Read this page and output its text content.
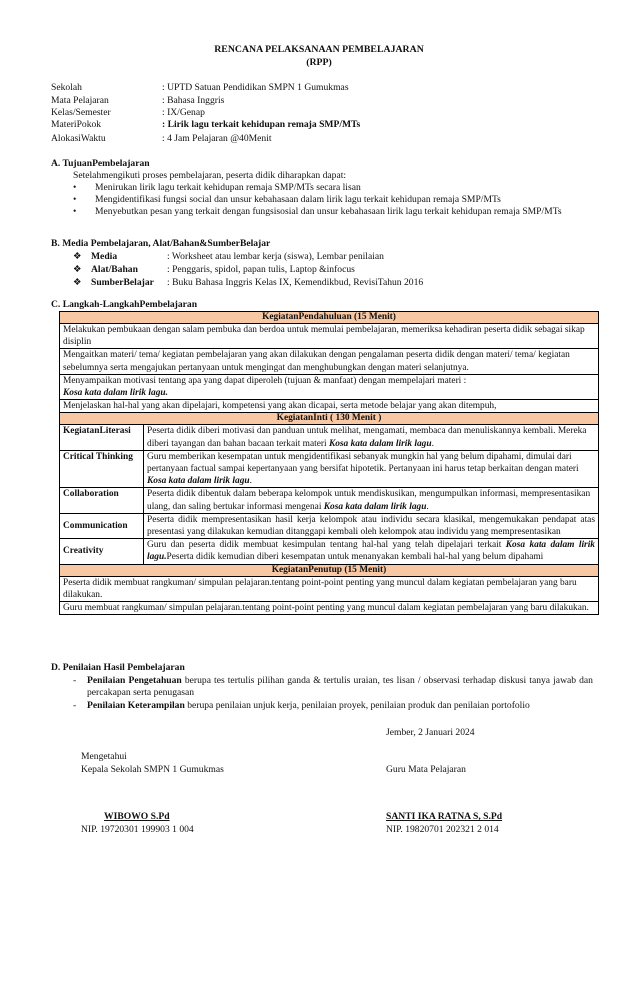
RENCANA PELAKSANAAN PEMBELAJARAN
(RPP)
Sekolah	: UPTD Satuan Pendidikan SMPN 1 Gumukmas
Mata Pelajaran	: Bahasa Inggris
Kelas/Semester	: IX/Genap
MateriPokok	: Lirik lagu terkait kehidupan remaja SMP/MTs
AlokasiWaktu	: 4 Jam Pelajaran @40Menit
A. TujuanPembelajaran
Setelahmengikuti proses pembelajaran, peserta didik diharapkan dapat:
• Menirukan lirik lagu terkait kehidupan remaja SMP/MTs secara lisan
• Mengidentifikasi fungsi social dan unsur kebahasaan dalam lirik lagu terkait kehidupan remaja SMP/MTs
• Menyebutkan pesan yang terkait dengan fungsisosial dan unsur kebahasaan lirik lagu terkait kehidupan remaja SMP/MTs
B. Media Pembelajaran, Alat/Bahan&SumberBelajar
❖ Media	: Worksheet atau lembar kerja (siswa), Lembar penilaian
❖ Alat/Bahan	: Penggaris, spidol, papan tulis, Laptop &infocus
❖ SumberBelajar : Buku Bahasa Inggris Kelas IX, Kemendikbud, RevisiTahun 2016
C. Langkah-LangkahPembelajaran
KegiatanPendahuluan (15 Menit)	
Melakukan pembukaan dengan salam pembuka dan berdoa untuk memulai pembelajaran, memeriksa kehadiran peserta didik sebagai sikap disiplin	
Mengaitkan materi/ tema/ kegiatan pembelajaran yang akan dilakukan dengan pengalaman peserta didik dengan materi/ tema/ kegiatan sebelumnya serta mengajukan pertanyaan untuk mengingat dan menghubungkan dengan materi selanjutnya.	

Menyampaikan motivasi tentang apa yang dapat diperoleh (tujuan & manfaat) dengan mempelajari materi :
Kosa kata dalam lirik lagu.	

Menjelaskan hal-hal yang akan dipelajari, kompetensi yang akan dicapai, serta metode belajar yang akan ditempuh,	
KegiatanInti ( 130 Menit )	
KegiatanLiterasi	Peserta didik diberi motivasi dan panduan untuk melihat, mengamati, membaca dan menuliskannya kembali. Mereka diberi tayangan dan bahan bacaan terkait materi Kosa kata dalam lirik lagu.
Critical Thinking	Guru memberikan kesempatan untuk mengidentifikasi sebanyak mungkin hal yang belum dipahami, dimulai dari pertanyaan factual sampai kepertanyaan yang bersifat hipotetik. Pertanyaan ini harus tetap berkaitan dengan materi Kosa kata dalam lirik lagu.
Collaboration	Peserta didik dibentuk dalam beberapa kelompok untuk mendiskusikan, mengumpulkan informasi, mempresentasikan ulang, dan saling bertukar informasi mengenai Kosa kata dalam lirik lagu.
Communication	Peserta didik mempresentasikan hasil kerja kelompok atau individu secara klasikal, mengemukakan pendapat atas presentasi yang dilakukan kemudian ditanggapi kembali oleh kelompok atau individu yang mempresentasikan
Creativity	Guru dan peserta didik membuat kesimpulan tentang hal-hal yang telah dipelajari terkait Kosa kata dalam lirik lagu.Peserta didik kemudian diberi kesempatan untuk menanyakan kembali hal-hal yang belum dipahami
KegiatanPenutup (15 Menit)	
Peserta didik membuat rangkuman/ simpulan pelajaran.tentang point-point penting yang muncul dalam kegiatan pembelajaran yang baru dilakukan.	
Guru membuat rangkuman/ simpulan pelajaran.tentang point-point penting yang muncul dalam kegiatan pembelajaran yang baru dilakukan.	
D. Penilaian Hasil Pembelajaran
- Penilaian Pengetahuan berupa tes tertulis pilihan ganda & tertulis uraian, tes lisan / observasi terhadap diskusi tanya jawab dan percakapan serta penugasan
- Penilaian Keterampilan berupa penilaian unjuk kerja, penilaian proyek, penilaian produk dan penilaian portofolio
Jember, 2 Januari 2024
Mengetahui
Kepala Sekolah SMPN 1 Gumukmas	Guru Mata Pelajaran
WIBOWO S.Pd
NIP. 19720301 199903 1 004
SANTI IKA RATNA S, S.Pd
NIP. 19820701 202321 2 014
